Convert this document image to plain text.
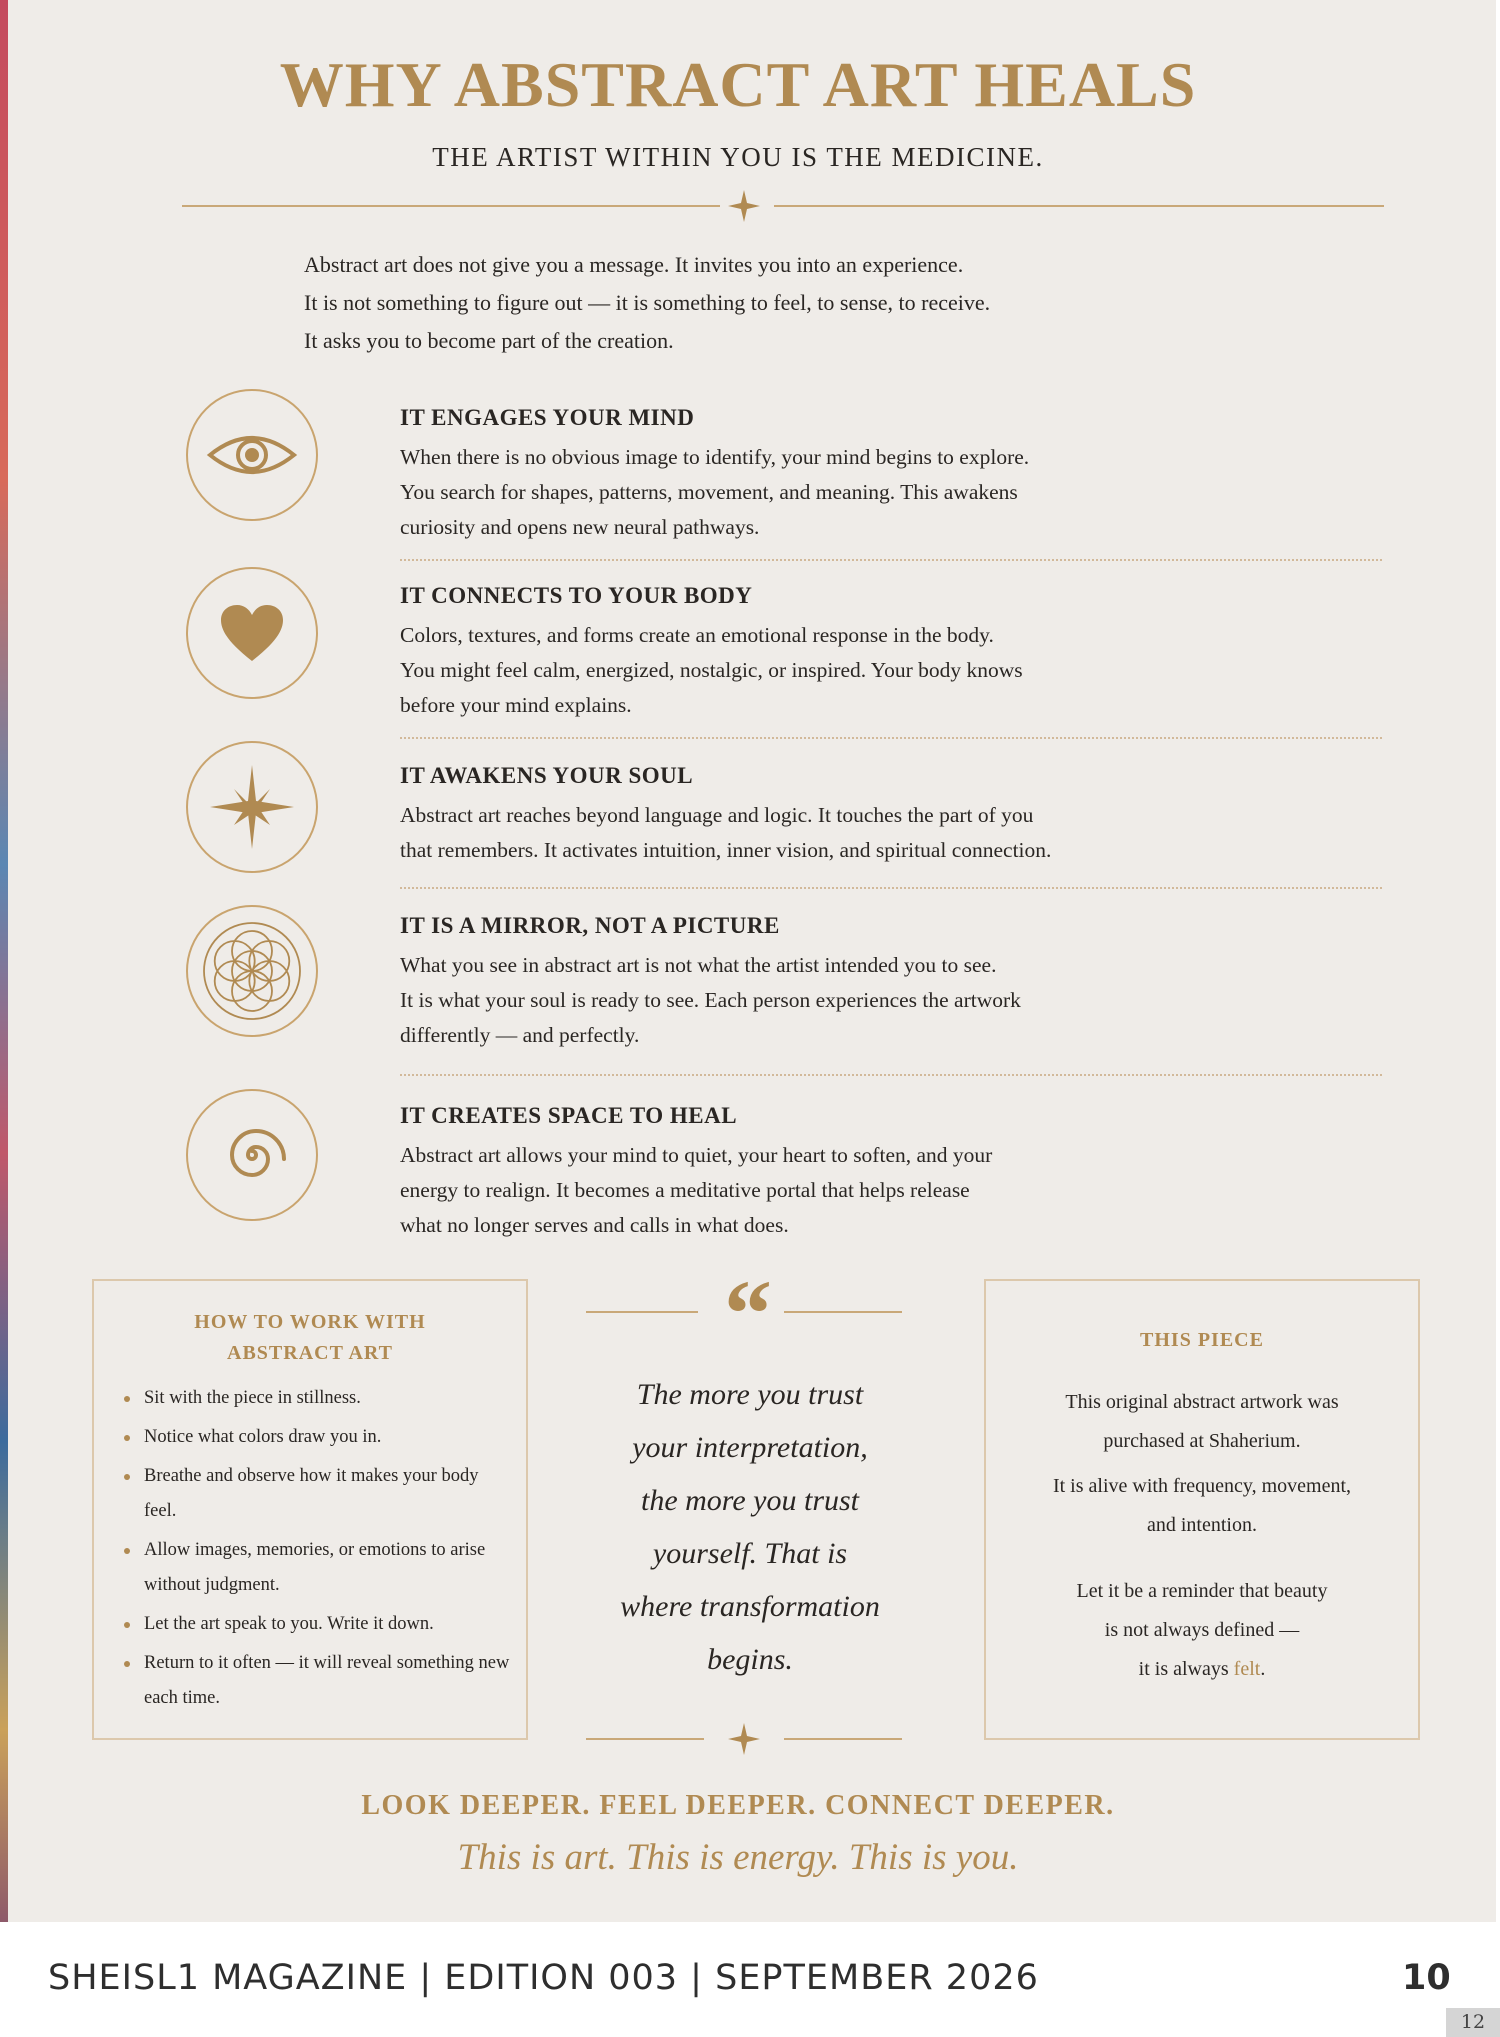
WHY ABSTRACT ART HEALS
THE ARTIST WITHIN YOU IS THE MEDICINE.
Abstract art does not give you a message. It invites you into an experience.
It is not something to figure out — it is something to feel, to sense, to receive.
It asks you to become part of the creation.
IT ENGAGES YOUR MIND
When there is no obvious image to identify, your mind begins to explore.
You search for shapes, patterns, movement, and meaning. This awakens
curiosity and opens new neural pathways.
IT CONNECTS TO YOUR BODY
Colors, textures, and forms create an emotional response in the body.
You might feel calm, energized, nostalgic, or inspired. Your body knows
before your mind explains.
IT AWAKENS YOUR SOUL
Abstract art reaches beyond language and logic. It touches the part of you
that remembers. It activates intuition, inner vision, and spiritual connection.
IT IS A MIRROR, NOT A PICTURE
What you see in abstract art is not what the artist intended you to see.
It is what your soul is ready to see. Each person experiences the artwork
differently — and perfectly.
IT CREATES SPACE TO HEAL
Abstract art allows your mind to quiet, your heart to soften, and your
energy to realign. It becomes a meditative portal that helps release
what no longer serves and calls in what does.
HOW TO WORK WITH
ABSTRACT ART
Sit with the piece in stillness.
Notice what colors draw you in.
Breathe and observe how it makes your body feel.
Allow images, memories, or emotions to arise without judgment.
Let the art speak to you. Write it down.
Return to it often — it will reveal something new each time.
“
The more you trust
your interpretation,
the more you trust
yourself. That is
where transformation
begins.
THIS PIECE
This original abstract artwork was
purchased at Shaherium.
It is alive with frequency, movement,
and intention.
Let it be a reminder that beauty
is not always defined —
it is always felt.
LOOK DEEPER. FEEL DEEPER. CONNECT DEEPER.
This is art. This is energy. This is you.
SHEISL1 MAGAZINE | EDITION 003 | SEPTEMBER 2026	10
12
